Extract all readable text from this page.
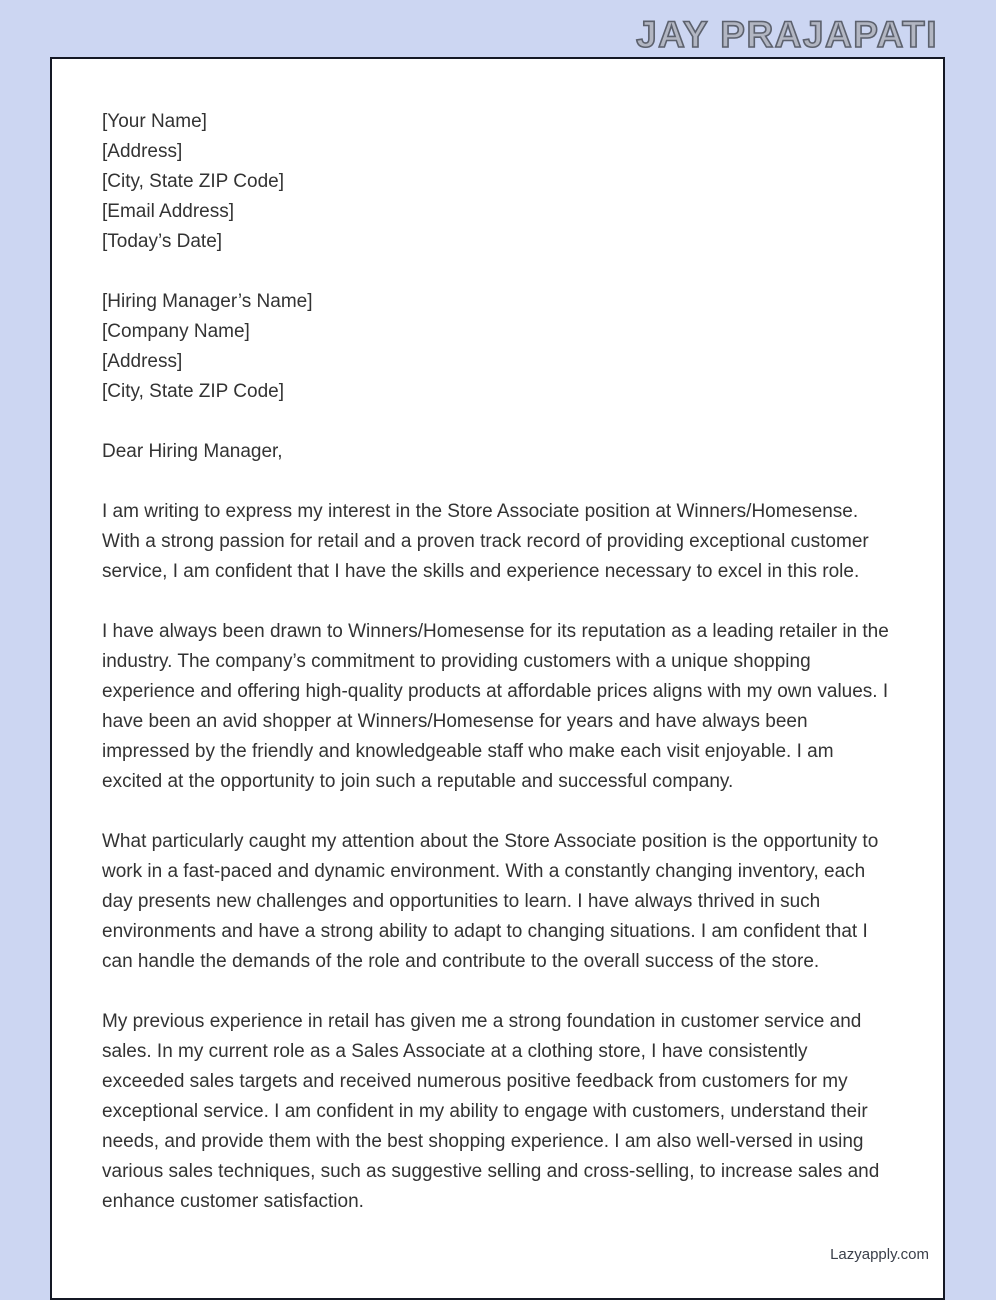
JAY PRAJAPATI
[Your Name]
[Address]
[City, State ZIP Code]
[Email Address]
[Today’s Date]
[Hiring Manager’s Name]
[Company Name]
[Address]
[City, State ZIP Code]
Dear Hiring Manager,

I am writing to express my interest in the Store Associate position at Winners/Homesense. With a strong passion for retail and a proven track record of providing exceptional customer service, I am confident that I have the skills and experience necessary to excel in this role.

I have always been drawn to Winners/Homesense for its reputation as a leading retailer in the industry. The company’s commitment to providing customers with a unique shopping experience and offering high-quality products at affordable prices aligns with my own values. I have been an avid shopper at Winners/Homesense for years and have always been impressed by the friendly and knowledgeable staff who make each visit enjoyable. I am excited at the opportunity to join such a reputable and successful company.

What particularly caught my attention about the Store Associate position is the opportunity to work in a fast-paced and dynamic environment. With a constantly changing inventory, each day presents new challenges and opportunities to learn. I have always thrived in such environments and have a strong ability to adapt to changing situations. I am confident that I can handle the demands of the role and contribute to the overall success of the store.

My previous experience in retail has given me a strong foundation in customer service and sales. In my current role as a Sales Associate at a clothing store, I have consistently exceeded sales targets and received numerous positive feedback from customers for my exceptional service. I am confident in my ability to engage with customers, understand their needs, and provide them with the best shopping experience. I am also well-versed in using various sales techniques, such as suggestive selling and cross-selling, to increase sales and enhance customer satisfaction.

Lazyapply.com
